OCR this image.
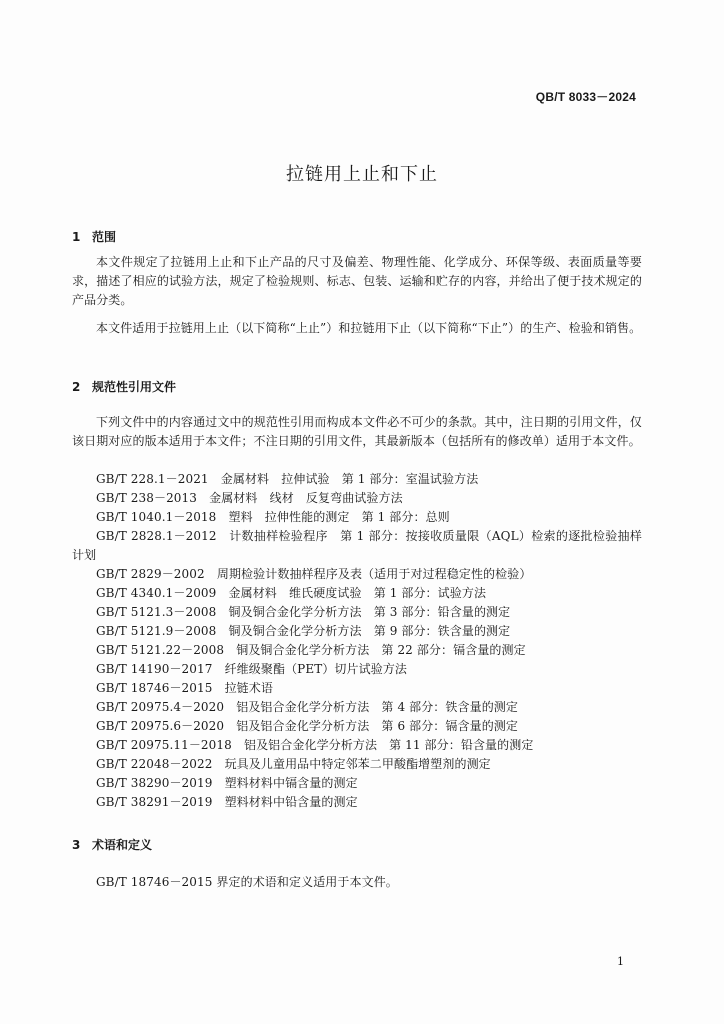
QB/T 8033－2024
拉链用上止和下止
1 范围

本文件规定了拉链用上止和下止产品的尺寸及偏差、物理性能、化学成分、环保等级、表面质量等要求，描述了相应的试验方法，规定了检验规则、标志、包装、运输和贮存的内容，并给出了便于技术规定的产品分类。

本文件适用于拉链用上止（以下简称“上止”）和拉链用下止（以下简称“下止”）的生产、检验和销售。

2 规范性引用文件

下列文件中的内容通过文中的规范性引用而构成本文件必不可少的条款。其中，注日期的引用文件，仅该日期对应的版本适用于本文件；不注日期的引用文件，其最新版本（包括所有的修改单）适用于本文件。

GB/T 228.1－2021　金属材料　拉伸试验　第 1 部分：室温试验方法
GB/T 238－2013　金属材料　线材　反复弯曲试验方法
GB/T 1040.1－2018　塑料　拉伸性能的测定　第 1 部分：总则
GB/T 2828.1－2012　计数抽样检验程序　第 1 部分：按接收质量限（AQL）检索的逐批检验抽样计划
GB/T 2829－2002　周期检验计数抽样程序及表（适用于对过程稳定性的检验）
GB/T 4340.1－2009　金属材料　维氏硬度试验　第 1 部分：试验方法
GB/T 5121.3－2008　铜及铜合金化学分析方法　第 3 部分：铅含量的测定
GB/T 5121.9－2008　铜及铜合金化学分析方法　第 9 部分：铁含量的测定
GB/T 5121.22－2008　铜及铜合金化学分析方法　第 22 部分：镉含量的测定
GB/T 14190－2017　纤维级聚酯（PET）切片试验方法
GB/T 18746－2015　拉链术语
GB/T 20975.4－2020　铝及铝合金化学分析方法　第 4 部分：铁含量的测定
GB/T 20975.6－2020　铝及铝合金化学分析方法　第 6 部分：镉含量的测定
GB/T 20975.11－2018　铝及铝合金化学分析方法　第 11 部分：铅含量的测定
GB/T 22048－2022　玩具及儿童用品中特定邻苯二甲酸酯增塑剂的测定
GB/T 38290－2019　塑料材料中镉含量的测定
GB/T 38291－2019　塑料材料中铅含量的测定
3 术语和定义

GB/T 18746－2015 界定的术语和定义适用于本文件。

1
